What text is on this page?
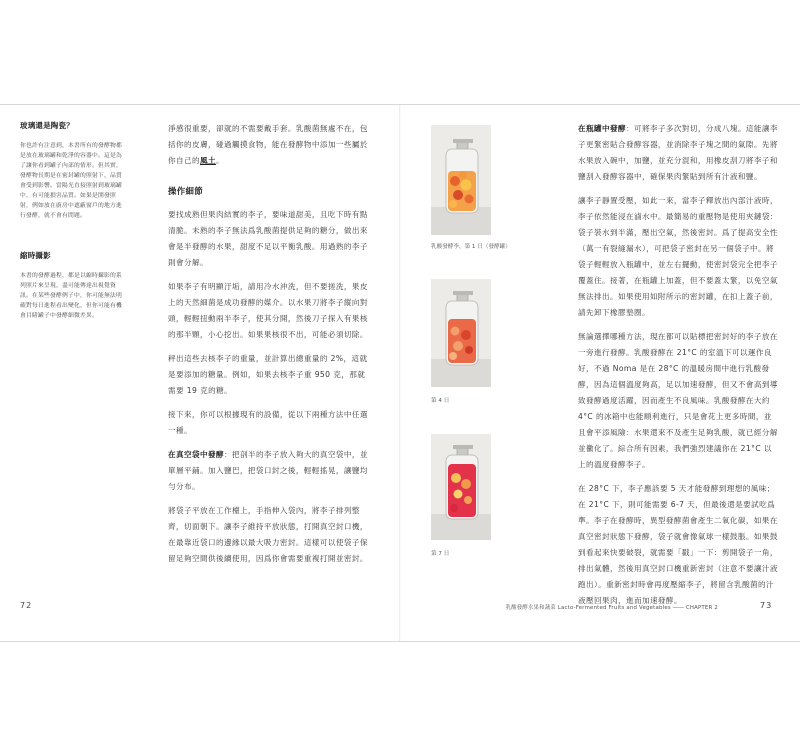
玻璃還是陶瓷？

你也許有注意到，本書所有的發酵物都是放在玻璃罐和乾淨的容器中。這是為了讓你看到罐子內部的情形。但其實，發酵物長期是在密封罐的照射下，品質會受到影響。當陽光直接照射到玻璃罐中，有可能損害品質。如果是開發照射，例如放在廚房中遮蔽窗戶的地方進行發酵，就不會有問題。

縮時攝影

本書的發酵過程，都是以縮時攝影的系列照片來呈現，盡可能傳達出視覺資訊。在某些發酵例子中，你可能無法明確對每日進程看出變化，但你可能有機會目睹罐子中發酵細微差異。

淨感很重要，卻就的不需要戴手套。乳酸菌無處不在，包括你的皮膚，碰過觸摸食物，能在發酵物中添加一些屬於你自己的風土。

操作細節

要找成熟但果肉結實的李子，要味道甜美，且吃下時有點清脆。未熟的李子無法爲乳酸菌提供足夠的糖分，做出來會是半發酵的水果，甜度不足以平衡乳酸。用過熟的李子則會分解。

如果李子有明顯汙垢，請用冷水沖洗，但不要搓洗，果皮上的天然細菌是成功發酵的媒介。以水果刀將李子縱向對頭，輕輕扭動兩半李子，使其分開，然後刀子探入有果核的那半顆，小心挖出。如果果核很不出，可能必須切除。

秤出這些去核李子的重量，並計算出總重量的 2%，這就是要添加的糖量。例如，如果去核李子重 950 克，那就需要 19 克的糖。

接下來，你可以根據現有的設備，從以下兩種方法中任選一種。

在真空袋中發酵：把剖半的李子放入夠大的真空袋中，並單層平鋪。加入鹽巴，把袋口封之後，輕輕搖晃，讓鹽均勻分布。

將袋子平放在工作檯上，手指伸入袋內，將李子排列整齊，切面朝下。讓李子維持平放狀態，打開真空封口機，在最靠近袋口的邊緣以最大吸力密封。這樣可以使袋子保留足夠空間供後續使用，因爲你會需要重複打開並密封。

72
乳酸發酵李，第 1 日（發酵罐）
第 4 日
第 7 日

在瓶罐中發酵：可將李子多次對切，分成八塊。這能讓李子更緊密貼合發酵容器，並消除李子塊之間的氣隙。先將水果放入碗中，加鹽，並充分混和，用橡皮刮刀將李子和鹽刮入發酵容器中，確保果肉緊貼到所有汁液和鹽。

讓李子靜置受壓，如此一來，當李子釋放出內部汁液時，李子依然能浸在滷水中。最簡易的重壓物是使用夾鏈袋：袋子裝水到半滿，壓出空氣，然後密封。爲了提高安全性（萬一有裂縫漏水），可把袋子密封在另一個袋子中。將袋子輕輕放入瓶罐中，並左右擺動，使密封袋完全把李子覆蓋住。接著，在瓶罐上加蓋，但不要蓋太緊，以免空氣無法排出。如果使用如附所示的密封罐，在扣上蓋子前，請先卸下橡膠墊圈。

無論選擇哪種方法，現在都可以貼標把密封好的李子放在一旁進行發酵。乳酸發酵在 21°C 的室溫下可以運作良好，不過 Noma 是在 28°C 的溫暖房間中進行乳酸發酵，因為這個溫度夠高，足以加速發酵，但又不會高到導致發酵過度活躍，因而產生不良風味。乳酸發酵在大約 4°C 的冰箱中也能順利進行，只是會花上更多時間，並且會平添風險：水果還來不及產生足夠乳酸，就已經分解並黴化了。綜合所有因素，我們強烈建議你在 21°C 以上的溫度發酵李子。

在 28°C 下，李子應該要 5 天才能發酵到理想的風味；在 21°C 下，則可能需要 6-7 天，但最後還是要試吃爲準。李子在發酵時，異型發酵菌會產生二氧化碳，如果在真空密封狀態下發酵，袋子就會像氣球一樣鼓脹。如果鼓到看起來快要破裂，就需要「戳」一下：剪開袋子一角，排出氣體，然後用真空封口機重新密封（注意不要讓汁液跑出）。重新密封時會再度壓縮李子，將留含乳酸菌的汁液壓回果肉，進而加速發酵。

乳酸發酵水果和蔬菜 Lacto-Fermented Fruits and Vegetables ―― CHAPTER 2	73
